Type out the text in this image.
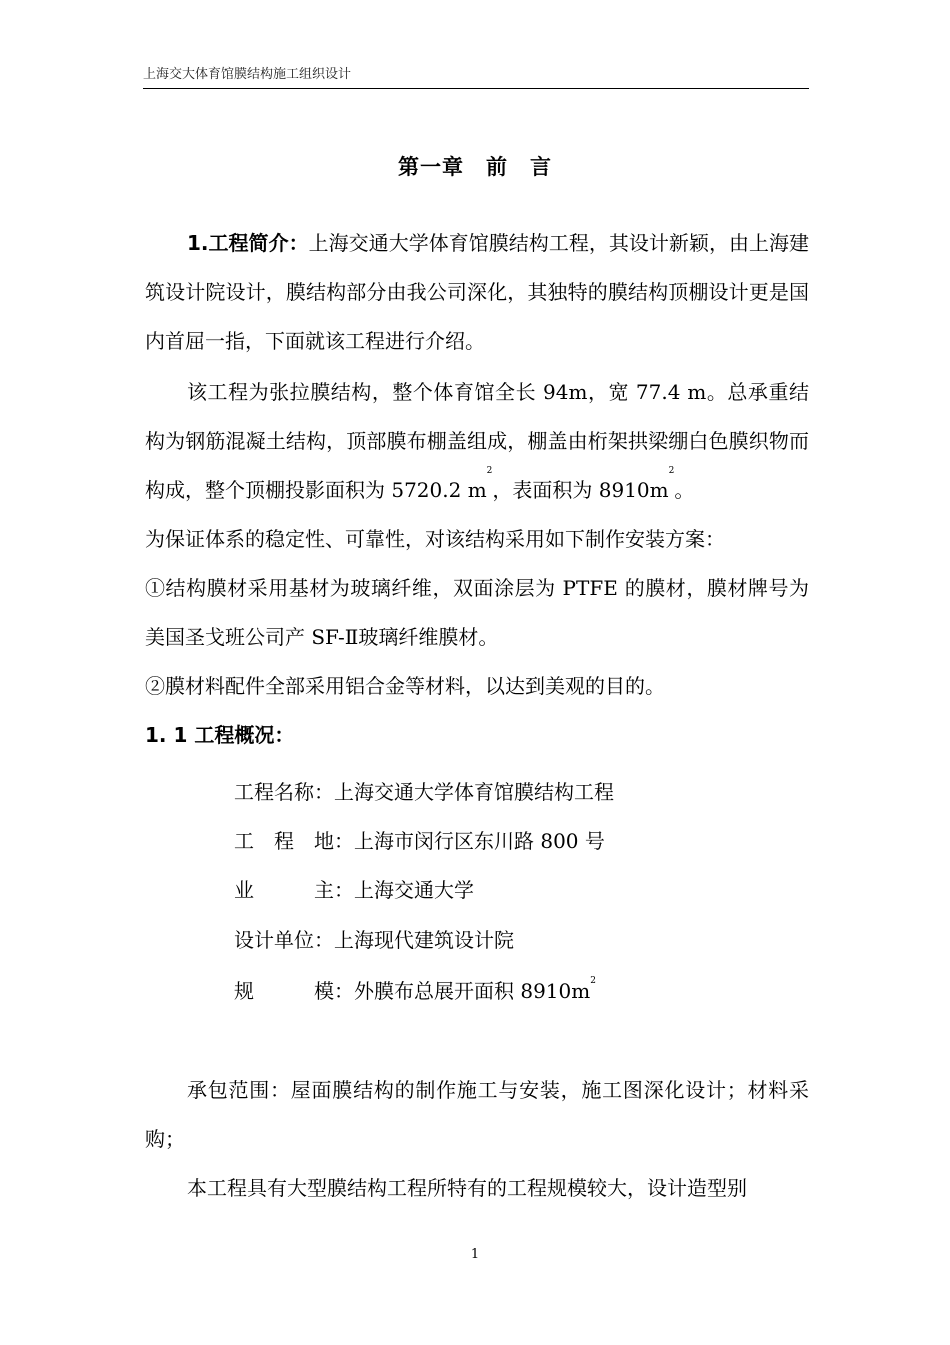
上海交大体育馆膜结构施工组织设计
第一章 前 言

1.工程简介：上海交通大学体育馆膜结构工程，其设计新颖，由上海建筑设计院设计，膜结构部分由我公司深化，其独特的膜结构顶棚设计更是国内首屈一指，下面就该工程进行介绍。

该工程为张拉膜结构，整个体育馆全长 94m，宽 77.4 m。总承重结构为钢筋混凝土结构，顶部膜布棚盖组成，棚盖由桁架拱梁绷白色膜织物而构成，整个顶棚投影面积为 5720.2 $m^2$，表面积为 $8910m^2$。

为保证体系的稳定性、可靠性，对该结构采用如下制作安装方案：

①结构膜材采用基材为玻璃纤维，双面涂层为 PTFE 的膜材，膜材牌号为美国圣戈班公司产 SF-Ⅱ玻璃纤维膜材。

②膜材料配件全部采用铝合金等材料，以达到美观的目的。

1. 1 工程概况：

工程名称：上海交通大学体育馆膜结构工程
工　程　地：上海市闵行区东川路 800 号
业　　　主：上海交通大学
设计单位：上海现代建筑设计院
规　　　模：外膜布总展开面积 $8910m^2$

承包范围：屋面膜结构的制作施工与安装，施工图深化设计；材料采购；

本工程具有大型膜结构工程所特有的工程规模较大，设计造型别

1
